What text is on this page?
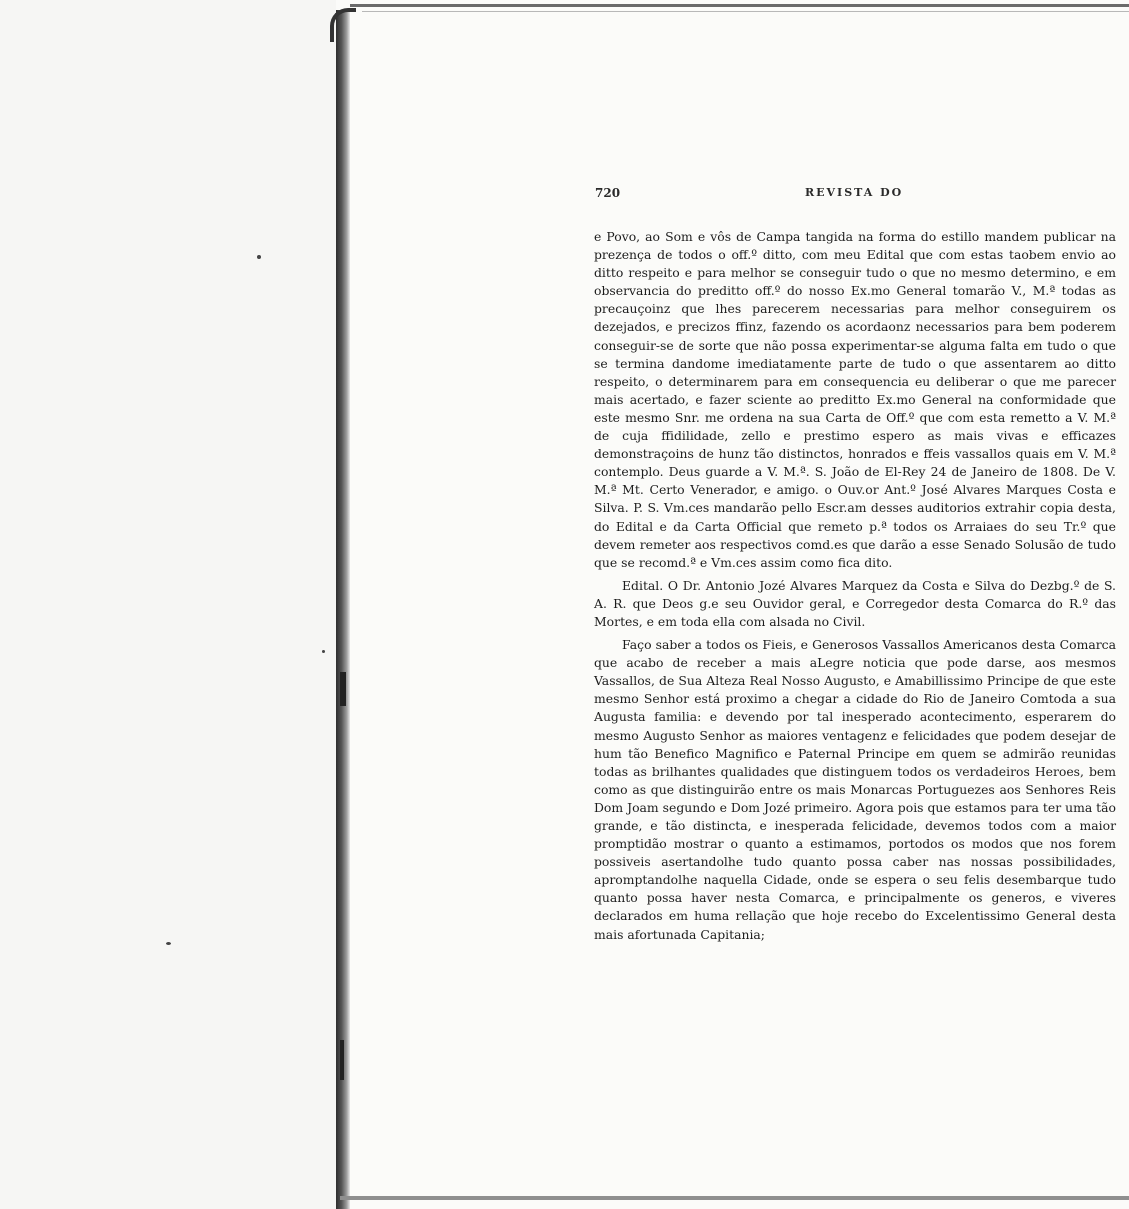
720	REVISTA DO

e Povo, ao Som e vôs de Campa tangida na forma do estillo mandem publicar na prezença de todos o off.º ditto, com meu Edital que com estas taobem envio ao ditto respeito e para melhor se conseguir tudo o que no mesmo determino, e em observancia do preditto off.º do nosso Ex.mo General tomarão V., M.ª todas as precauçoinz que lhes parecerem necessarias para melhor conseguirem os dezejados, e precizos ffinz, fazendo os acordaonz necessarios para bem poderem conseguir-se de sorte que não possa experimentar-se alguma falta em tudo o que se termina dandome imediatamente parte de tudo o que assentarem ao ditto respeito, o determinarem para em consequencia eu deliberar o que me parecer mais acertado, e fazer sciente ao preditto Ex.mo General na conformidade que este mesmo Snr. me ordena na sua Carta de Off.º que com esta remetto a V. M.ª de cuja ffidilidade, zello e prestimo espero as mais vivas e efficazes demonstraçoins de hunz tão distinctos, honrados e ffeis vassallos quais em V. M.ª contemplo. Deus guarde a V. M.ª. S. João de El-Rey 24 de Janeiro de 1808. De V. M.ª Mt. Certo Venerador, e amigo. o Ouv.or Ant.º José Alvares Marques Costa e Silva. P. S. Vm.ces mandarão pello Escr.am desses auditorios extrahir copia desta, do Edital e da Carta Official que remeto p.ª todos os Arraiaes do seu Tr.º que devem remeter aos respectivos comd.es que darão a esse Senado Solusão de tudo que se recomd.ª e Vm.ces assim como fica dito.

Edital. O Dr. Antonio Jozé Alvares Marquez da Costa e Silva do Dezbg.º de S. A. R. que Deos g.e seu Ouvidor geral, e Corregedor desta Comarca do R.º das Mortes, e em toda ella com alsada no Civil.

Faço saber a todos os Fieis, e Generosos Vassallos Americanos desta Comarca que acabo de receber a mais aLegre noticia que pode darse, aos mesmos Vassallos, de Sua Alteza Real Nosso Augusto, e Amabillissimo Principe de que este mesmo Senhor está proximo a chegar a cidade do Rio de Janeiro Comtoda a sua Augusta familia: e devendo por tal inesperado acontecimento, esperarem do mesmo Augusto Senhor as maiores ventagenz e felicidades que podem desejar de hum tão Benefico Magnifico e Paternal Principe em quem se admirão reunidas todas as brilhantes qualidades que distinguem todos os verdadeiros Heroes, bem como as que distinguirão entre os mais Monarcas Portuguezes aos Senhores Reis Dom Joam segundo e Dom Jozé primeiro. Agora pois que estamos para ter uma tão grande, e tão distincta, e inesperada felicidade, devemos todos com a maior promptidão mostrar o quanto a estimamos, portodos os modos que nos forem possiveis asertandolhe tudo quanto possa caber nas nossas possibilidades, apromptandolhe naquella Cidade, onde se espera o seu felis desembarque tudo quanto possa haver nesta Comarca, e principalmente os generos, e viveres declarados em huma rellação que hoje recebo do Excelentissimo General desta mais afortunada Capitania;
